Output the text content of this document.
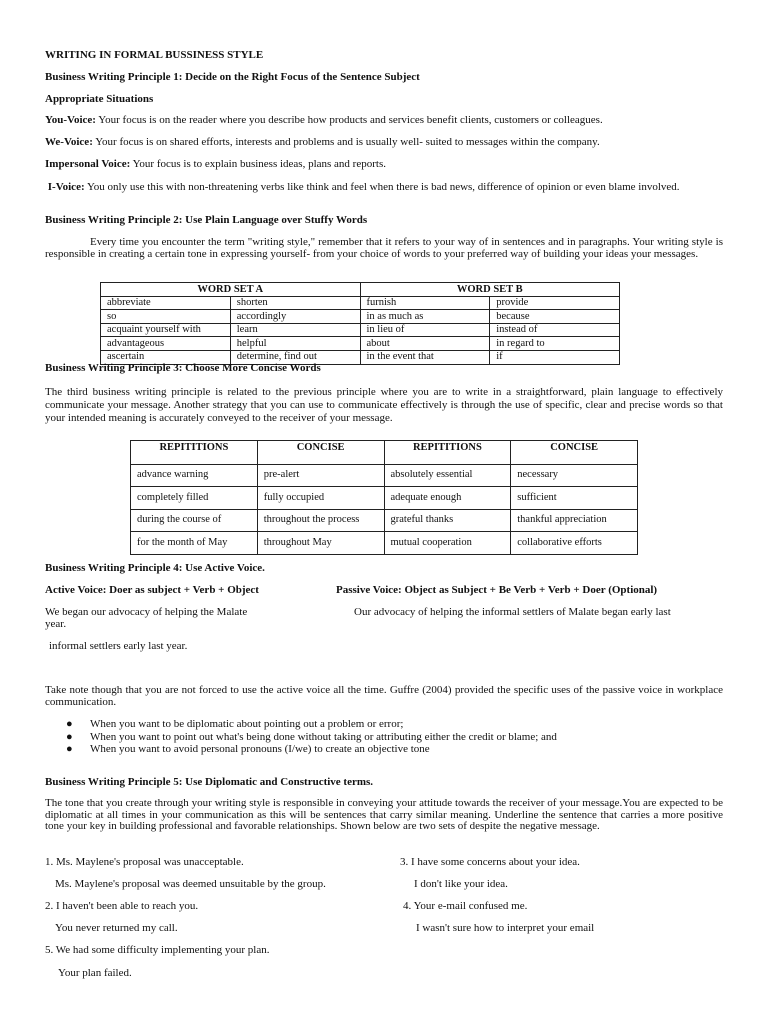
WRITING IN FORMAL BUSSINESS STYLE

Business Writing Principle 1: Decide on the Right Focus of the Sentence Subject

Appropriate Situations

You-Voice: Your focus is on the reader where you describe how products and services benefit clients, customers or colleagues.

We-Voice: Your focus is on shared efforts, interests and problems and is usually well- suited to messages within the company.

Impersonal Voice: Your focus is to explain business ideas, plans and reports.

I-Voice: You only use this with non-threatening verbs like think and feel when there is bad news, difference of opinion or even blame involved.

Business Writing Principle 2: Use Plain Language over Stuffy Words

Every time you encounter the term "writing style," remember that it refers to your way of in sentences and in paragraphs. Your writing style is responsible in creating a certain tone in expressing yourself- from your choice of words to your preferred way of building your ideas your messages.

WORD SET A		WORD SET B	
abbreviate	shorten	furnish	provide
so	accordingly	in as much as	because
acquaint yourself with	learn	in lieu of	instead of
advantageous	helpful	about	in regard to
ascertain	determine, find out	in the event that	if

Business Writing Principle 3: Choose More Concise Words

The third business writing principle is related to the previous principle where you are to write in a straightforward, plain language to effectively communicate your message. Another strategy that you can use to communicate effectively is through the use of specific, clear and precise words so that your intended meaning is accurately conveyed to the receiver of your message.

REPITITIONS	CONCISE	REPITITIONS	CONCISE
advance warning	pre-alert	absolutely essential	necessary
completely filled	fully occupied	adequate enough	sufficient
during the course of	throughout the process	grateful thanks	thankful appreciation
for the month of May	throughout May	mutual cooperation	collaborative efforts

Business Writing Principle 4: Use Active Voice.

Active Voice: Doer as subject + Verb + Object	Passive Voice: Object as Subject + Be Verb + Verb + Doer (Optional)

We began our advocacy of helping the Malate	Our advocacy of helping the informal settlers of Malate began early last

year.

informal settlers early last year.

Take note though that you are not forced to use the active voice all the time. Guffre (2004) provided the specific uses of the passive voice in workplace communication.

● When you want to be diplomatic about pointing out a problem or error;
● When you want to point out what's being done without taking or attributing either the credit or blame; and
● When you want to avoid personal pronouns (I/we) to create an objective tone

Business Writing Principle 5: Use Diplomatic and Constructive terms.

The tone that you create through your writing style is responsible in conveying your attitude towards the receiver of your message.You are expected to be diplomatic at all times in your communication as this will be sentences that carry similar meaning. Underline the sentence that carries a more positive tone your key in building professional and favorable relationships. Shown below are two sets of despite the negative message.

1. Ms. Maylene's proposal was unacceptable.	3. I have some concerns about your idea.
Ms. Maylene's proposal was deemed unsuitable by the group.	I don't like your idea.
2. I haven't been able to reach you.	4. Your e-mail confused me.
You never returned my call.	I wasn't sure how to interpret your email
5. We had some difficulty implementing your plan.
Your plan failed.
